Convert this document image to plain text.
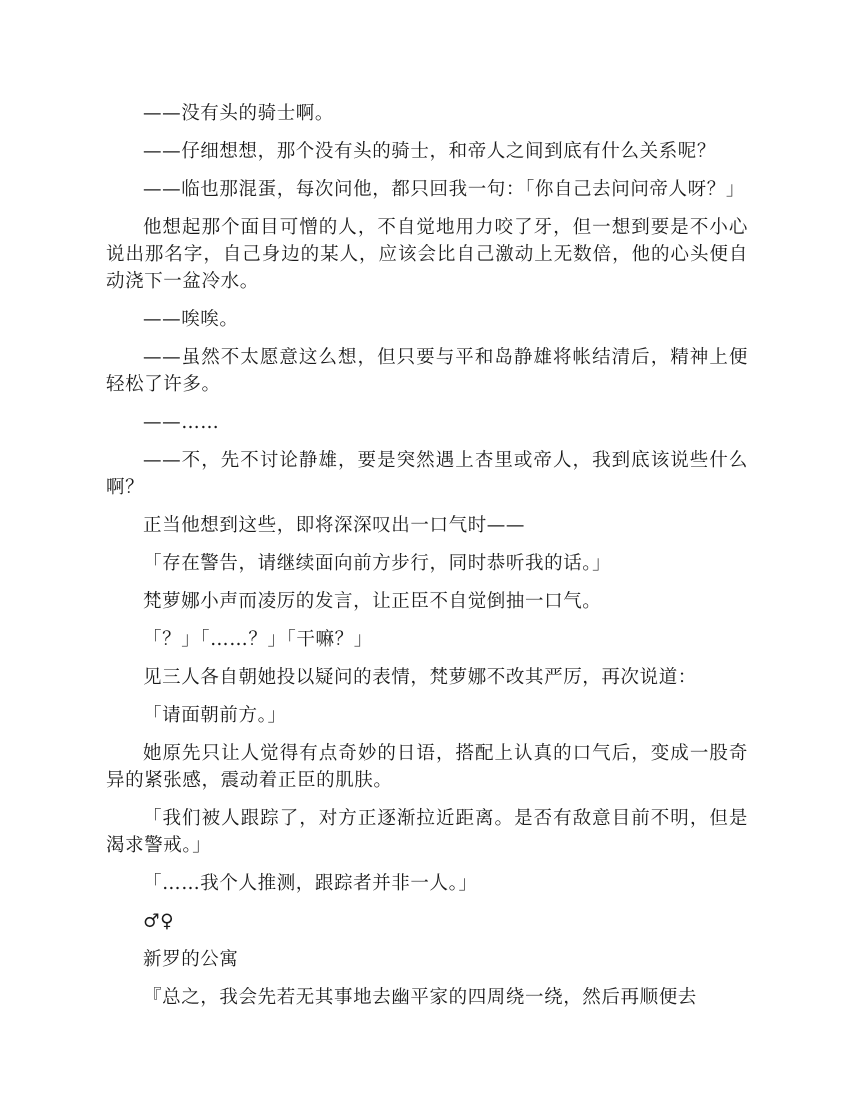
——没有头的骑士啊。

——仔细想想，那个没有头的骑士，和帝人之间到底有什么关系呢？

——临也那混蛋，每次问他，都只回我一句：「你自己去问问帝人呀？」

他想起那个面目可憎的人，不自觉地用力咬了牙，但一想到要是不小心说出那名字，自己身边的某人，应该会比自己激动上无数倍，他的心头便自动浇下一盆冷水。

——唉唉。

——虽然不太愿意这么想，但只要与平和岛静雄将帐结清后，精神上便轻松了许多。

——……

——不，先不讨论静雄，要是突然遇上杏里或帝人，我到底该说些什么啊？

正当他想到这些，即将深深叹出一口气时——

「存在警告，请继续面向前方步行，同时恭听我的话。」

梵萝娜小声而凌厉的发言，让正臣不自觉倒抽一口气。

「？」「……？」「干嘛？」

见三人各自朝她投以疑问的表情，梵萝娜不改其严厉，再次说道：

「请面朝前方。」

她原先只让人觉得有点奇妙的日语，搭配上认真的口气后，变成一股奇异的紧张感，震动着正臣的肌肤。

「我们被人跟踪了，对方正逐渐拉近距离。是否有敌意目前不明，但是渴求警戒。」

「……我个人推测，跟踪者并非一人。」

♂♀

新罗的公寓

『总之，我会先若无其事地去幽平家的四周绕一绕，然后再顺便去
